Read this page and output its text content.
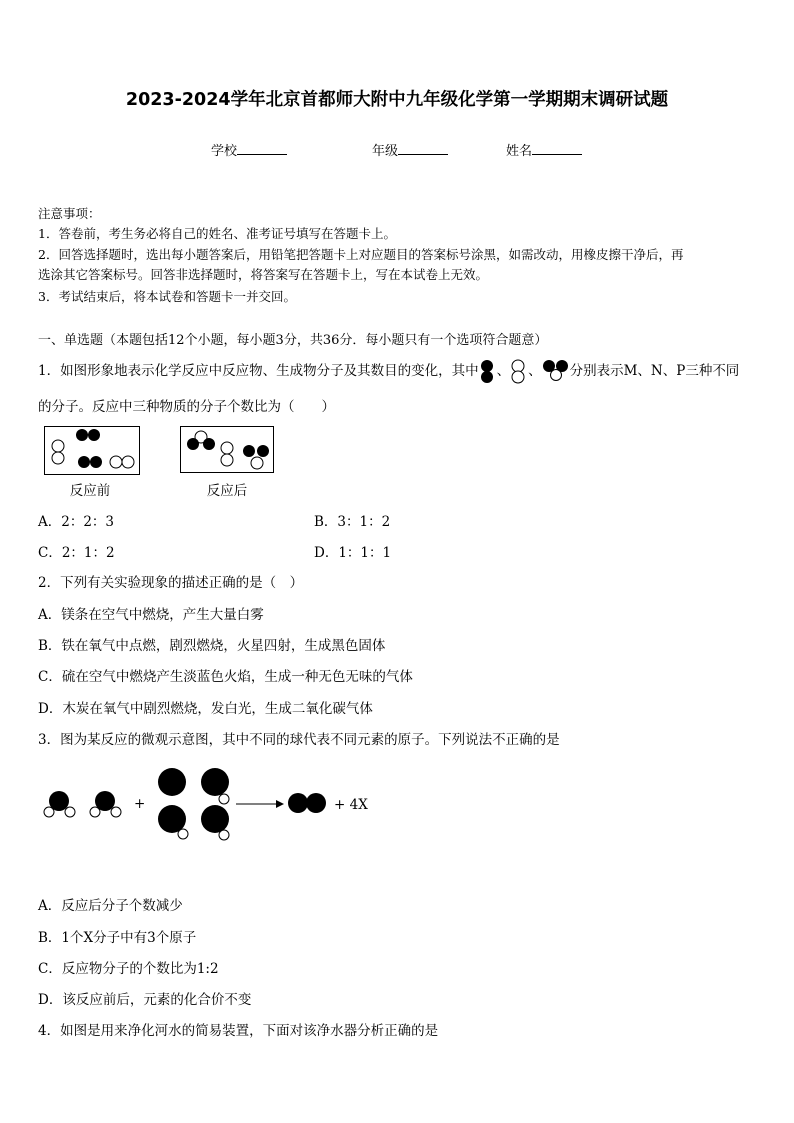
2023-2024学年北京首都师大附中九年级化学第一学期期末调研试题
学校	年级	姓名
注意事项：
1．答卷前，考生务必将自己的姓名、准考证号填写在答题卡上。
2．回答选择题时，选出每小题答案后，用铅笔把答题卡上对应题目的答案标号涂黑，如需改动，用橡皮擦干净后，再
选涂其它答案标号。回答非选择题时，将答案写在答题卡上，写在本试卷上无效。
3．考试结束后，将本试卷和答题卡一并交回。
一、单选题（本题包括12个小题，每小题3分，共36分．每小题只有一个选项符合题意）
1．如图形象地表示化学反应中反应物、生成物分子及其数目的变化，其中 、 、 分别表示M、N、P三种不同
的分子。反应中三种物质的分子个数比为（　　）
反应前	反应后
A．2：2：3	B．3：1：2
C．2：1：2	D．1：1：1
2．下列有关实验现象的描述正确的是（　）
A．镁条在空气中燃烧，产生大量白雾
B．铁在氧气中点燃，剧烈燃烧，火星四射，生成黑色固体
C．硫在空气中燃烧产生淡蓝色火焰，生成一种无色无味的气体
D．木炭在氧气中剧烈燃烧，发白光，生成二氧化碳气体
3．图为某反应的微观示意图，其中不同的球代表不同元素的原子。下列说法不正确的是
+	+ 4X
A．反应后分子个数减少
B．1个X分子中有3个原子
C．反应物分子的个数比为1:2
D．该反应前后，元素的化合价不变
4．如图是用来净化河水的简易装置，下面对该净水器分析正确的是
